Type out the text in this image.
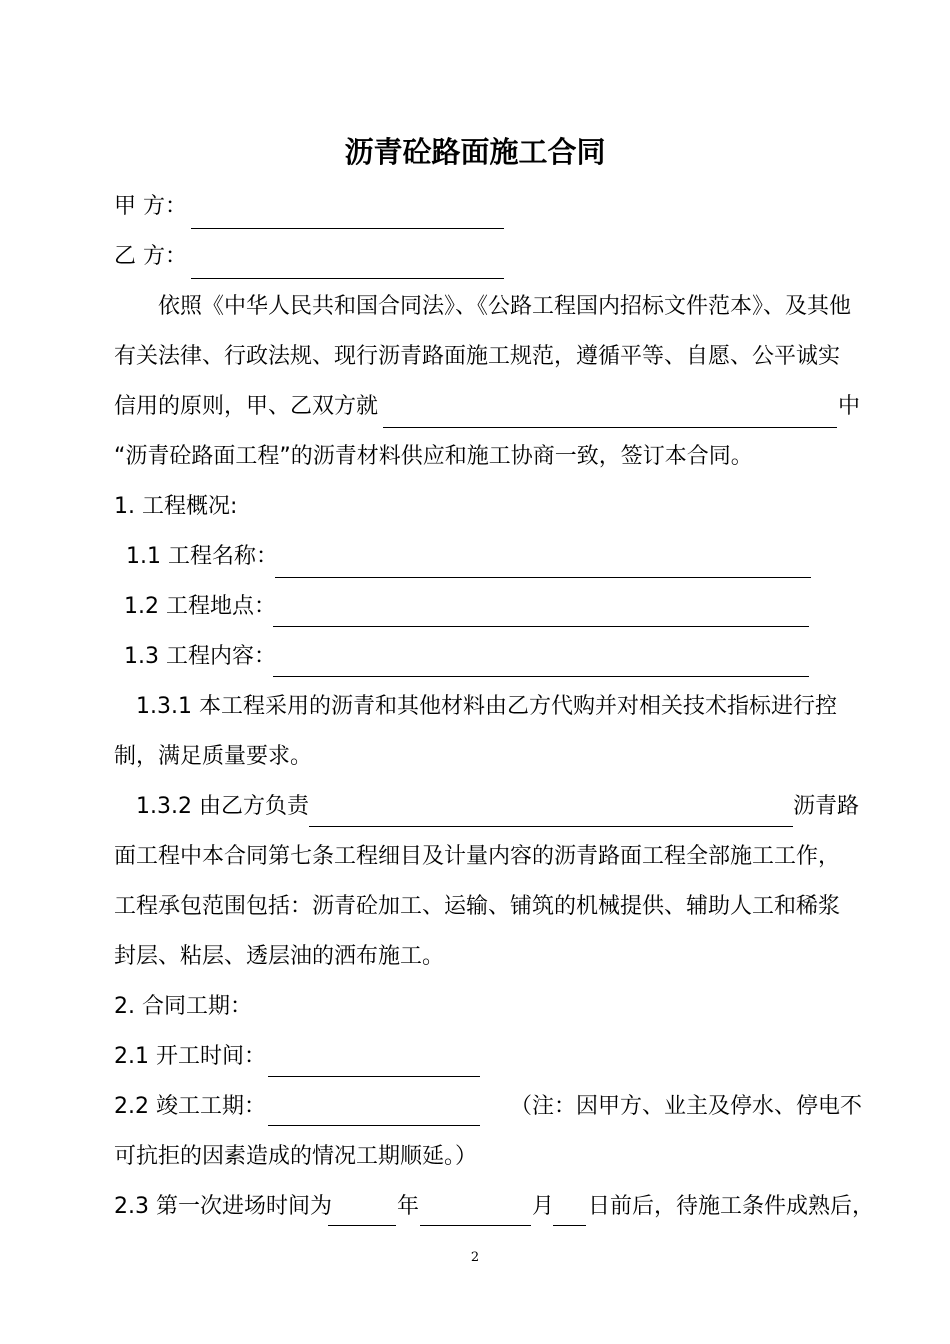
沥青砼路面施工合同
甲 方：
乙 方：
依照《中华人民共和国合同法》、《公路工程国内招标文件范本》、及其他
有关法律、行政法规、现行沥青路面施工规范，遵循平等、自愿、公平诚实
信用的原则，甲、乙双方就	中
“沥青砼路面工程”的沥青材料供应和施工协商一致，签订本合同。
1. 工程概况:
1.1 工程名称：
1.2 工程地点：
1.3 工程内容：
1.3.1 本工程采用的沥青和其他材料由乙方代购并对相关技术指标进行控
制，满足质量要求。
1.3.2 由乙方负责	沥青路
面工程中本合同第七条工程细目及计量内容的沥青路面工程全部施工工作，
工程承包范围包括：沥青砼加工、运输、铺筑的机械提供、辅助人工和稀浆
封层、粘层、透层油的洒布施工。
2. 合同工期：
2.1 开工时间：
2.2 竣工工期：	（注：因甲方、业主及停水、停电不
可抗拒的因素造成的情况工期顺延。）
2.3 第一次进场时间为	年	月 日前后，待施工条件成熟后，
2
